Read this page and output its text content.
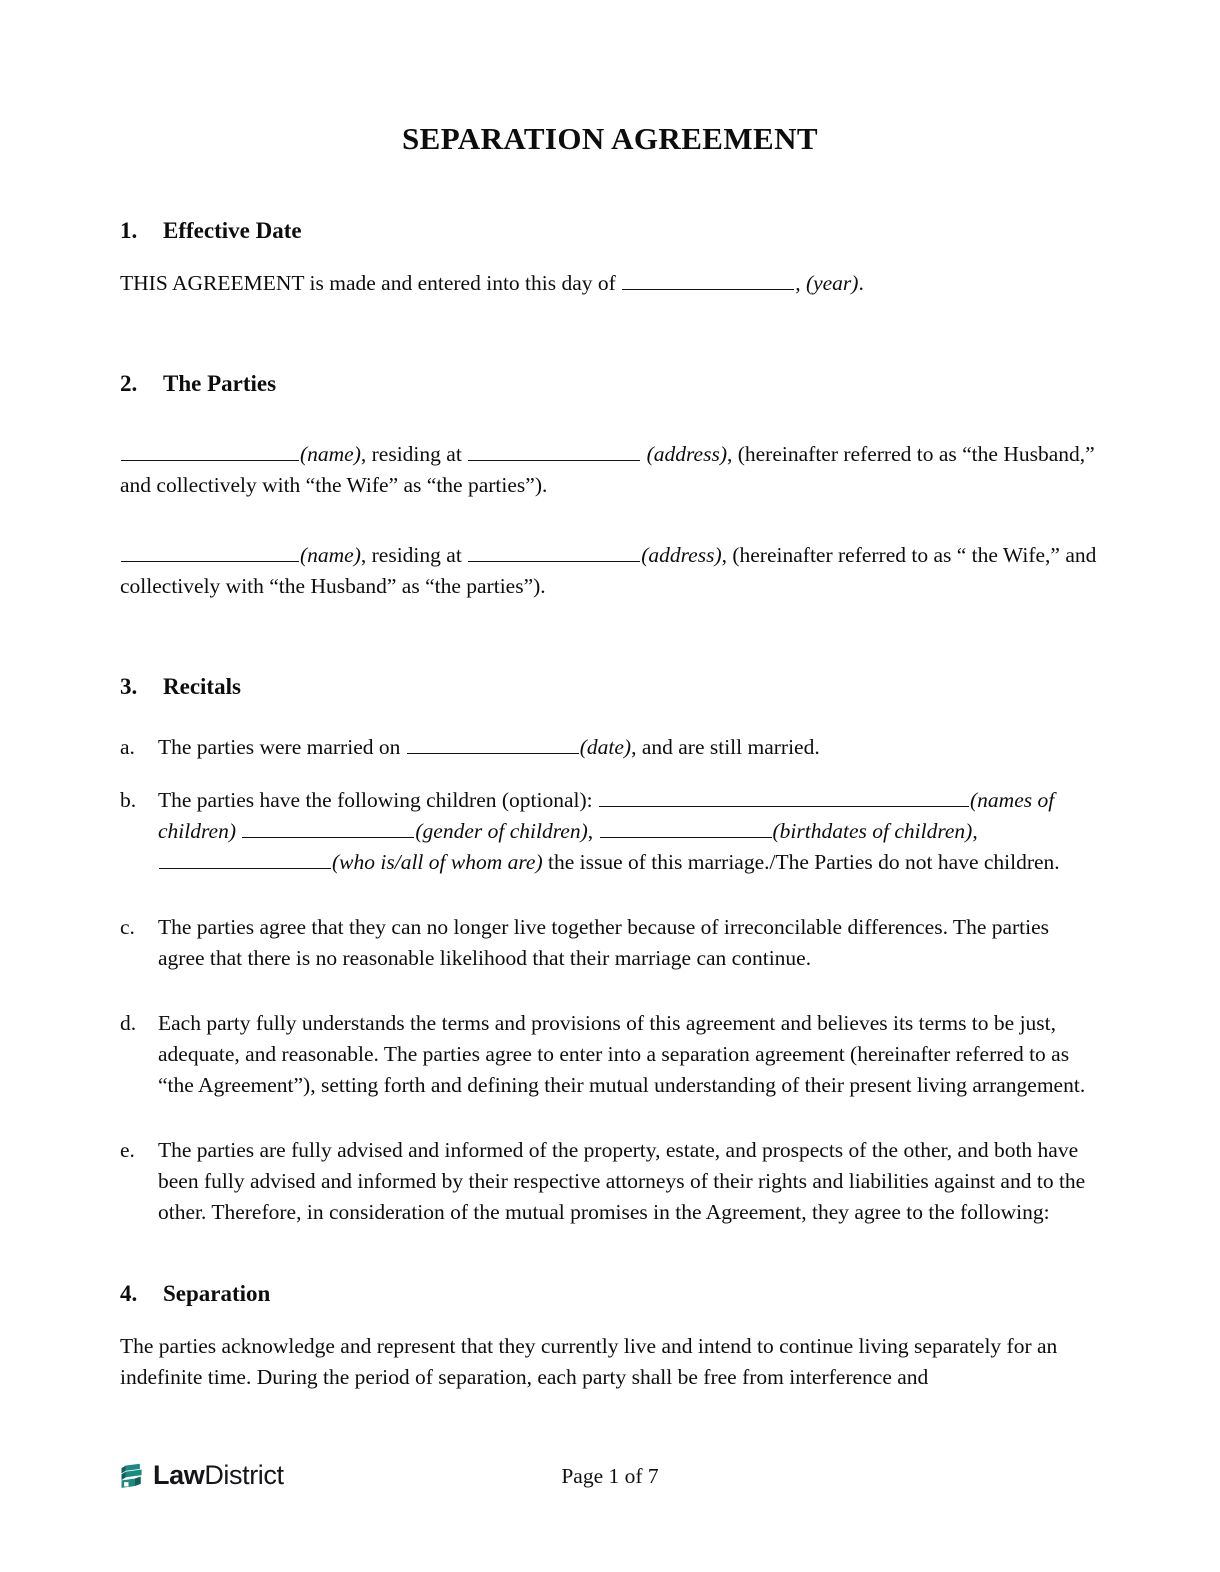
SEPARATION AGREEMENT
1.	Effective Date

THIS AGREEMENT is made and entered into this day of	, (year).

2.	The Parties

(name), residing at	(address), (hereinafter referred to as “the Husband,” and collectively with “the Wife” as “the parties”).

(name), residing at	(address), (hereinafter referred to as “ the Wife,” and collectively with “the Husband” as “the parties”).

3.	Recitals
a.	The parties were married on	(date), and are still married.
b.	The parties have the following children (optional):	(names of children)	(gender of children),	(birthdates of children), (who is/all of whom are) the issue of this marriage./The Parties do not have children.
c.	The parties agree that they can no longer live together because of irreconcilable differences. The parties agree that there is no reasonable likelihood that their marriage can continue.
d.	Each party fully understands the terms and provisions of this agreement and believes its terms to be just, adequate, and reasonable. The parties agree to enter into a separation agreement (hereinafter referred to as “the Agreement”), setting forth and defining their mutual understanding of their present living arrangement.
e.	The parties are fully advised and informed of the property, estate, and prospects of the other, and both have been fully advised and informed by their respective attorneys of their rights and liabilities against and to the other. Therefore, in consideration of the mutual promises in the Agreement, they agree to the following:
4.	Separation

The parties acknowledge and represent that they currently live and intend to continue living separately for an indefinite time. During the period of separation, each party shall be free from interference and

LawDistrict	Page 1 of 7
